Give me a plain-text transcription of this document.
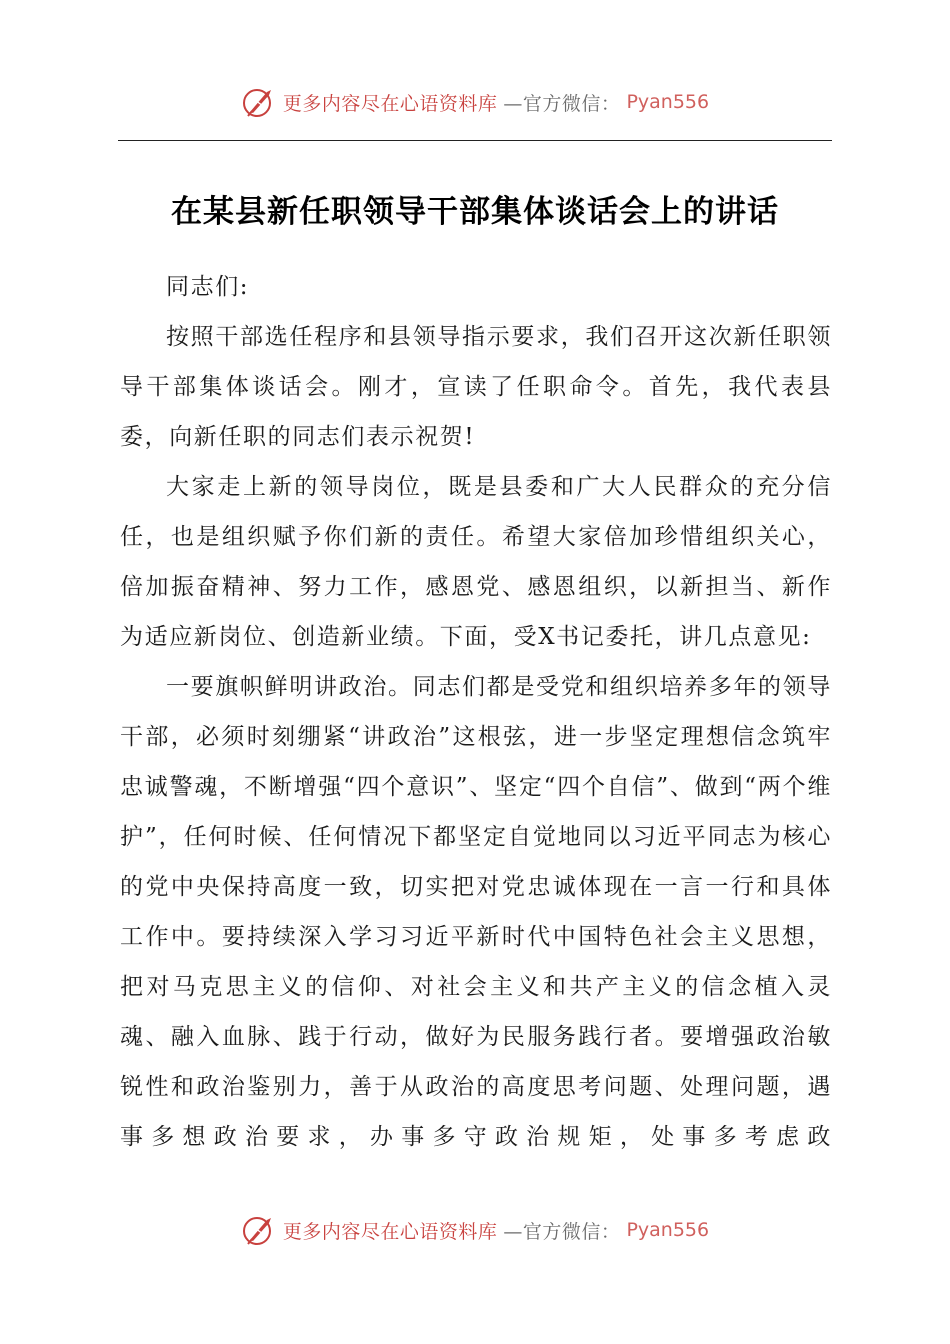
更多内容尽在心语资料库 —官方微信： Pyan556
在某县新任职领导干部集体谈话会上的讲话

同志们:

按照干部选任程序和县领导指示要求，我们召开这次新任职领导干部集体谈话会。刚才，宣读了任职命令。首先，我代表县委，向新任职的同志们表示祝贺!

大家走上新的领导岗位，既是县委和广大人民群众的充分信任，也是组织赋予你们新的责任。希望大家倍加珍惜组织关心，倍加振奋精神、努力工作，感恩党、感恩组织，以新担当、新作为适应新岗位、创造新业绩。下面，受X书记委托，讲几点意见:

一要旗帜鲜明讲政治。同志们都是受党和组织培养多年的领导干部，必须时刻绷紧“讲政治”这根弦，进一步坚定理想信念筑牢忠诚警魂，不断增强“四个意识”、坚定“四个自信”、做到“两个维护”，任何时候、任何情况下都坚定自觉地同以习近平同志为核心的党中央保持高度一致，切实把对党忠诚体现在一言一行和具体工作中。要持续深入学习习近平新时代中国特色社会主义思想，把对马克思主义的信仰、对社会主义和共产主义的信念植入灵魂、融入血脉、践于行动，做好为民服务践行者。要增强政治敏锐性和政治鉴别力，善于从政治的高度思考问题、处理问题，遇事多想政治要求，办事多守政治规矩，处事多考虑政

更多内容尽在心语资料库 —官方微信： Pyan556
